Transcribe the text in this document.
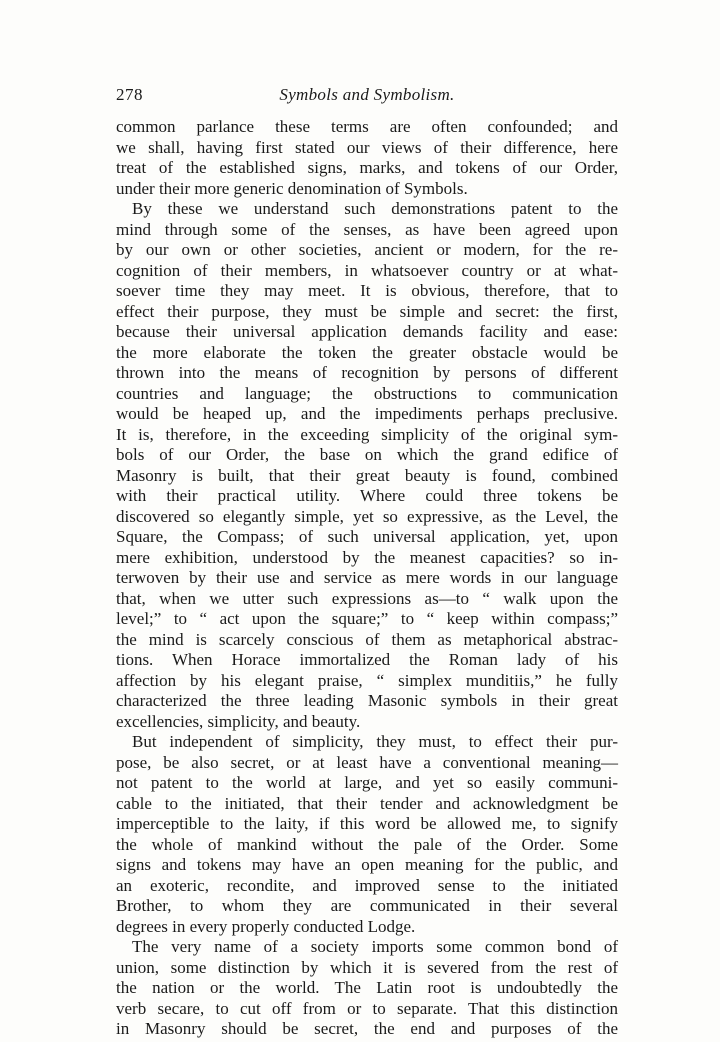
278	Symbols and Symbolism.
common parlance these terms are often confounded; and
we shall, having first stated our views of their difference, here
treat of the established signs, marks, and tokens of our Order,
under their more generic denomination of Symbols.
By these we understand such demonstrations patent to the
mind through some of the senses, as have been agreed upon
by our own or other societies, ancient or modern, for the re-
cognition of their members, in whatsoever country or at what-
soever time they may meet. It is obvious, therefore, that to
effect their purpose, they must be simple and secret: the first,
because their universal application demands facility and ease:
the more elaborate the token the greater obstacle would be
thrown into the means of recognition by persons of different
countries and language; the obstructions to communication
would be heaped up, and the impediments perhaps preclusive.
It is, therefore, in the exceeding simplicity of the original sym-
bols of our Order, the base on which the grand edifice of
Masonry is built, that their great beauty is found, combined
with their practical utility. Where could three tokens be
discovered so elegantly simple, yet so expressive, as the Level, the
Square, the Compass; of such universal application, yet, upon
mere exhibition, understood by the meanest capacities? so in-
terwoven by their use and service as mere words in our language
that, when we utter such expressions as—to “ walk upon the
level;” to “ act upon the square;” to “ keep within compass;”
the mind is scarcely conscious of them as metaphorical abstrac-
tions. When Horace immortalized the Roman lady of his
affection by his elegant praise, “ simplex munditiis,” he fully
characterized the three leading Masonic symbols in their great
excellencies, simplicity, and beauty.
But independent of simplicity, they must, to effect their pur-
pose, be also secret, or at least have a conventional meaning—
not patent to the world at large, and yet so easily communi-
cable to the initiated, that their tender and acknowledgment be
imperceptible to the laity, if this word be allowed me, to signify
the whole of mankind without the pale of the Order. Some
signs and tokens may have an open meaning for the public, and
an exoteric, recondite, and improved sense to the initiated
Brother, to whom they are communicated in their several
degrees in every properly conducted Lodge.
The very name of a society imports some common bond of
union, some distinction by which it is severed from the rest of
the nation or the world. The Latin root is undoubtedly the
verb secare, to cut off from or to separate. That this distinction
in Masonry should be secret, the end and purposes of the
